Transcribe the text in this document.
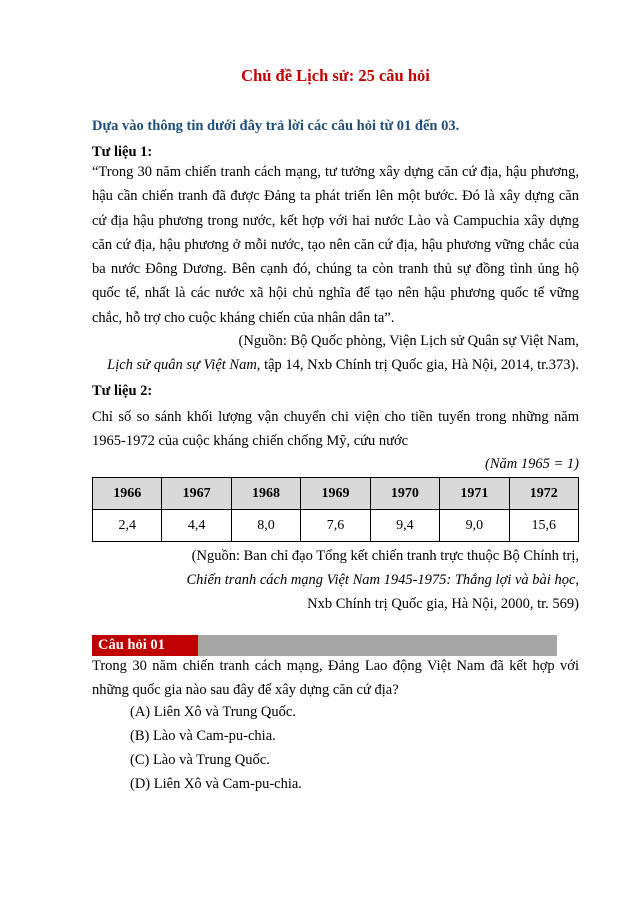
Chủ đề Lịch sử: 25 câu hỏi
Dựa vào thông tin dưới đây trả lời các câu hỏi từ 01 đến 03.
Tư liệu 1:
“Trong 30 năm chiến tranh cách mạng, tư tưởng xây dựng căn cứ địa, hậu phương, hậu cần chiến tranh đã được Đảng ta phát triển lên một bước. Đó là xây dựng căn cứ địa hậu phương trong nước, kết hợp với hai nước Lào và Campuchia xây dựng căn cứ địa, hậu phương ở mỗi nước, tạo nên căn cứ địa, hậu phương vững chắc của ba nước Đông Dương. Bên cạnh đó, chúng ta còn tranh thủ sự đồng tình ủng hộ quốc tế, nhất là các nước xã hội chủ nghĩa để tạo nên hậu phương quốc tế vững chắc, hỗ trợ cho cuộc kháng chiến của nhân dân ta”.
(Nguồn: Bộ Quốc phòng, Viện Lịch sử Quân sự Việt Nam,
Lịch sử quân sự Việt Nam, tập 14, Nxb Chính trị Quốc gia, Hà Nội, 2014, tr.373).
Tư liệu 2:
Chỉ số so sánh khối lượng vận chuyển chi viện cho tiền tuyến trong những năm 1965-1972 của cuộc kháng chiến chống Mỹ, cứu nước
(Năm 1965 = 1)
1966	1967	1968	1969	1970	1971	1972
2,4	4,4	8,0	7,6	9,4	9,0	15,6
(Nguồn: Ban chỉ đạo Tổng kết chiến tranh trực thuộc Bộ Chính trị,
Chiến tranh cách mạng Việt Nam 1945-1975: Thắng lợi và bài học,
Nxb Chính trị Quốc gia, Hà Nội, 2000, tr. 569)
Câu hỏi 01
Trong 30 năm chiến tranh cách mạng, Đảng Lao động Việt Nam đã kết hợp với những quốc gia nào sau đây để xây dựng căn cứ địa?
(A) Liên Xô và Trung Quốc.
(B) Lào và Cam-pu-chia.
(C) Lào và Trung Quốc.
(D) Liên Xô và Cam-pu-chia.
